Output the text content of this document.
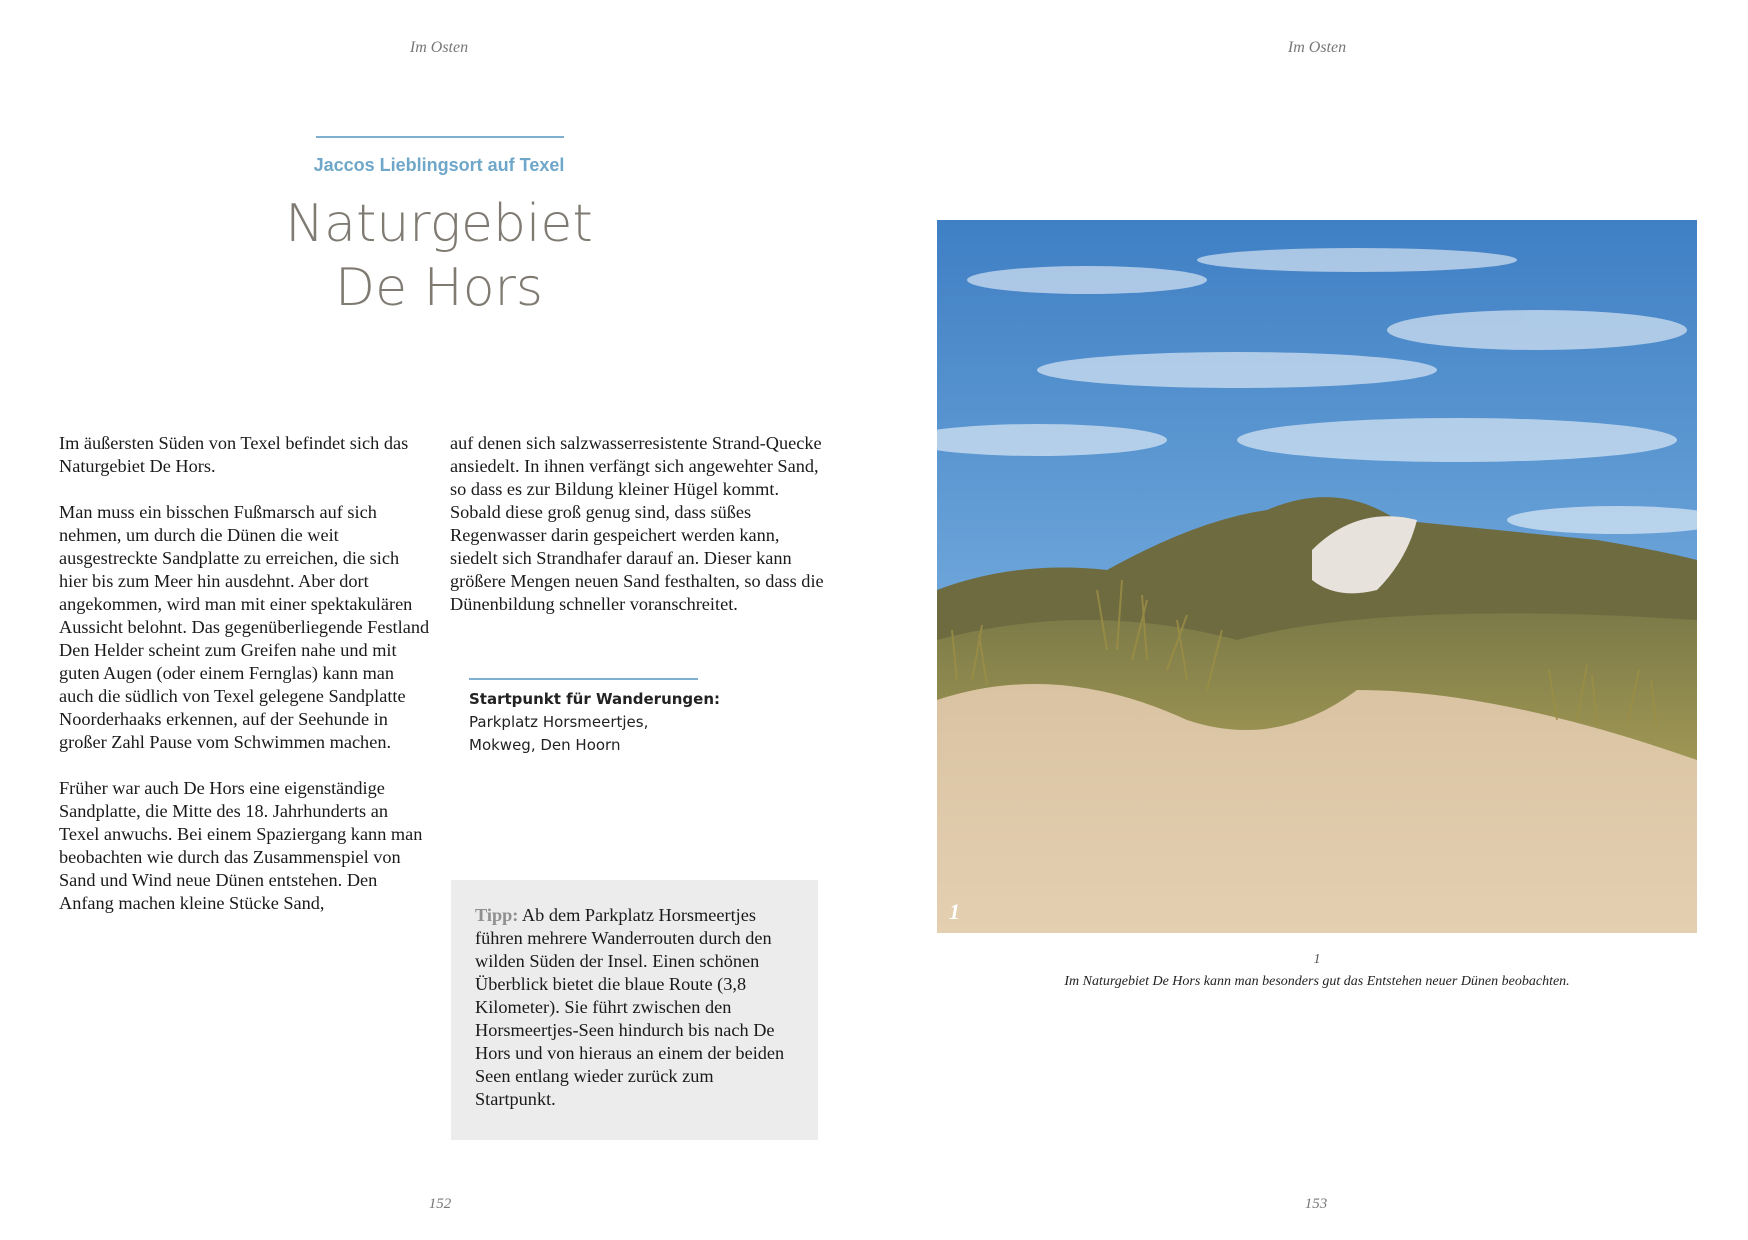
Im Osten	Im Osten
Jaccos Lieblingsort auf Texel
Naturgebiet
De Hors

Im äußersten Süden von Texel befindet sich das Naturgebiet De Hors.

Man muss ein bisschen Fußmarsch auf sich nehmen, um durch die Dünen die weit ausgestreckte Sandplatte zu erreichen, die sich hier bis zum Meer hin ausdehnt. Aber dort angekommen, wird man mit einer spektakulären Aussicht belohnt. Das gegenüberliegende Festland Den Helder scheint zum Greifen nahe und mit guten Augen (oder einem Fernglas) kann man auch die südlich von Texel gelegene Sandplatte Noorderhaaks erkennen, auf der Seehunde in großer Zahl Pause vom Schwimmen machen.

Früher war auch De Hors eine eigenständige Sandplatte, die Mitte des 18. Jahrhunderts an Texel anwuchs. Bei einem Spaziergang kann man beobachten wie durch das Zusammenspiel von Sand und Wind neue Dünen entstehen. Den Anfang machen kleine Stücke Sand,

auf denen sich salzwasserresistente Strand-Quecke ansiedelt. In ihnen verfängt sich angewehter Sand, so dass es zur Bildung kleiner Hügel kommt. Sobald diese groß genug sind, dass süßes Regenwasser darin gespeichert werden kann, siedelt sich Strandhafer darauf an. Dieser kann größere Mengen neuen Sand festhalten, so dass die Dünenbildung schneller voranschreitet.

Startpunkt für Wanderungen:
Parkplatz Horsmeertjes,
Mokweg, Den Hoorn
Tipp: Ab dem Parkplatz Horsmeertjes führen mehrere Wanderrouten durch den wilden Süden der Insel. Einen schönen Überblick bietet die blaue Route (3,8 Kilometer). Sie führt zwischen den Horsmeertjes-Seen hindurch bis nach De Hors und von hieraus an einem der beiden Seen entlang wieder zurück zum Startpunkt.
1
1
Im Naturgebiet De Hors kann man besonders gut das Entstehen neuer Dünen beobachten.
152	153
